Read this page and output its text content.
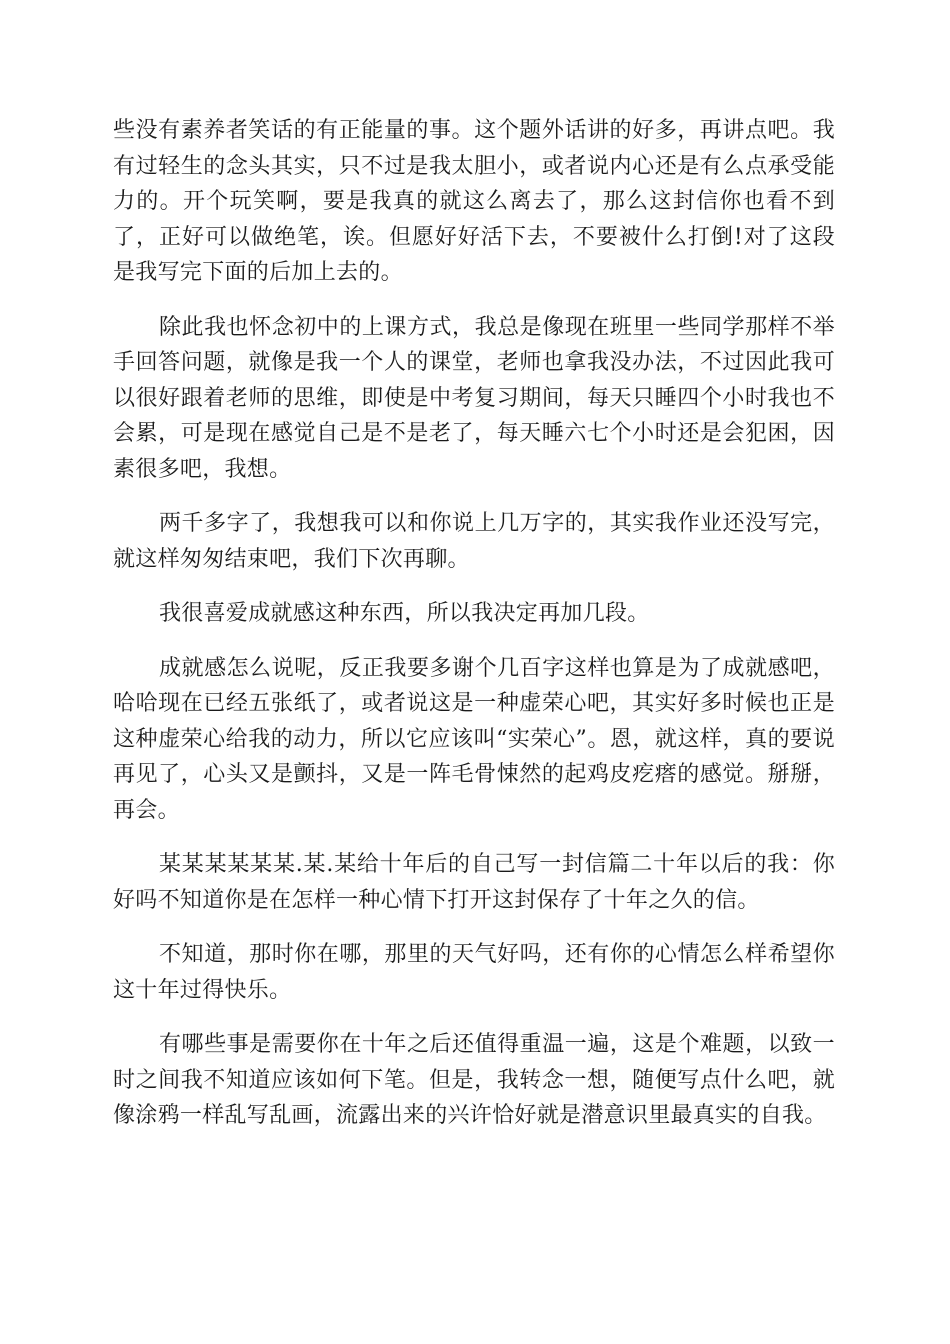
些没有素养者笑话的有正能量的事。这个题外话讲的好多，再讲点吧。我有过轻生的念头其实，只不过是我太胆小，或者说内心还是有么点承受能力的。开个玩笑啊，要是我真的就这么离去了，那么这封信你也看不到了，正好可以做绝笔，诶。但愿好好活下去，不要被什么打倒!对了这段是我写完下面的后加上去的。

除此我也怀念初中的上课方式，我总是像现在班里一些同学那样不举手回答问题，就像是我一个人的课堂，老师也拿我没办法，不过因此我可以很好跟着老师的思维，即使是中考复习期间，每天只睡四个小时我也不会累，可是现在感觉自己是不是老了，每天睡六七个小时还是会犯困，因素很多吧，我想。

两千多字了，我想我可以和你说上几万字的，其实我作业还没写完，就这样匆匆结束吧，我们下次再聊。

我很喜爱成就感这种东西，所以我决定再加几段。

成就感怎么说呢，反正我要多谢个几百字这样也算是为了成就感吧，哈哈现在已经五张纸了，或者说这是一种虚荣心吧，其实好多时候也正是这种虚荣心给我的动力，所以它应该叫“实荣心”。恩，就这样，真的要说再见了，心头又是颤抖，又是一阵毛骨悚然的起鸡皮疙瘩的感觉。掰掰，再会。

某某某某某某.某.某给十年后的自己写一封信篇二十年以后的我：你好吗不知道你是在怎样一种心情下打开这封保存了十年之久的信。

不知道，那时你在哪，那里的天气好吗，还有你的心情怎么样希望你这十年过得快乐。

有哪些事是需要你在十年之后还值得重温一遍，这是个难题，以致一时之间我不知道应该如何下笔。但是，我转念一想，随便写点什么吧，就像涂鸦一样乱写乱画，流露出来的兴许恰好就是潜意识里最真实的自我。
